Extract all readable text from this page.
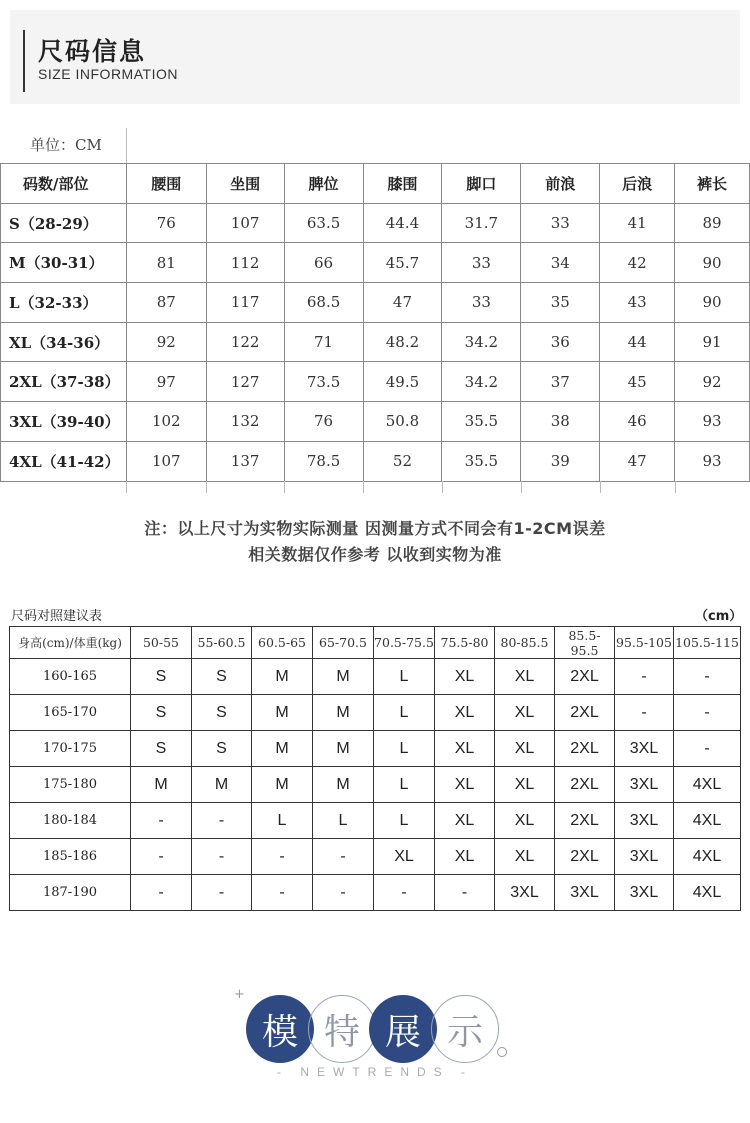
尺码信息
SIZE INFORMATION
单位：CM
码数/部位	腰围	坐围	脾位	膝围	脚口	前浪	后浪	裤长
S（28-29）	76	107	63.5	44.4	31.7	33	41	89
M（30-31）	81	112	66	45.7	33	34	42	90
L（32-33）	87	117	68.5	47	33	35	43	90
XL（34-36）	92	122	71	48.2	34.2	36	44	91
2XL（37-38）	97	127	73.5	49.5	34.2	37	45	92
3XL（39-40）	102	132	76	50.8	35.5	38	46	93
4XL（41-42）	107	137	78.5	52	35.5	39	47	93
注：以上尺寸为实物实际测量 因测量方式不同会有1-2CM误差
相关数据仅作参考 以收到实物为准
尺码对照建议表	（cm）
身高(cm)/体重(kg)	50-55	55-60.5	60.5-65	65-70.5	70.5-75.5	75.5-80	80-85.5	85.5-95.5	95.5-105	105.5-115
160-165	S	S	M	M	L	XL	XL	2XL	-	-
165-170	S	S	M	M	L	XL	XL	2XL	-	-
170-175	S	S	M	M	L	XL	XL	2XL	3XL	-
175-180	M	M	M	M	L	XL	XL	2XL	3XL	4XL
180-184	-	-	L	L	L	XL	XL	2XL	3XL	4XL
185-186	-	-	-	-	XL	XL	XL	2XL	3XL	4XL
187-190	-	-	-	-	-	-	3XL	3XL	3XL	4XL
+
模 特 展 示
- NEWTRENDS -
